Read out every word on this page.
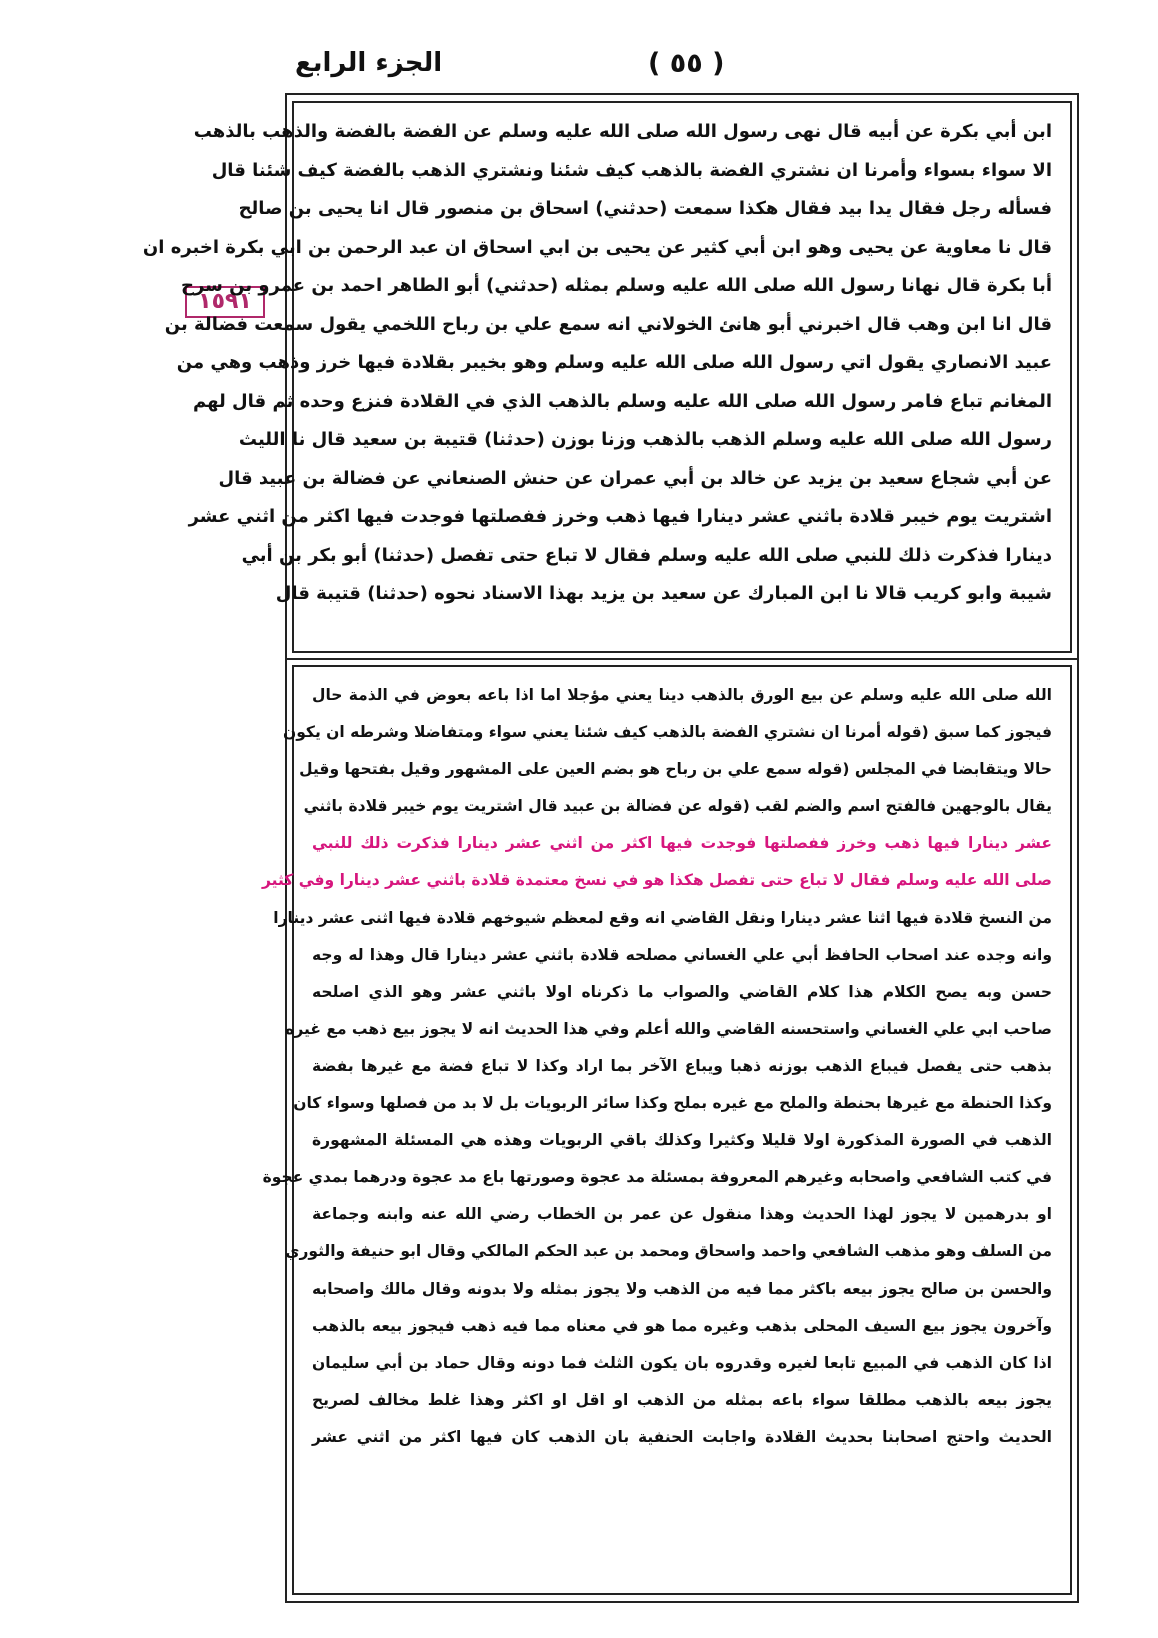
الجزء الرابع	( ٥٥ )
١٥٩١
ابن أبي بكرة عن أبيه قال نهى رسول الله صلى الله عليه وسلم عن الفضة بالفضة والذهب بالذهب
الا سواء بسواء وأمرنا ان نشتري الفضة بالذهب كيف شئنا ونشتري الذهب بالفضة كيف شئنا قال
فسأله رجل فقال يدا بيد فقال هكذا سمعت (حدثني) اسحاق بن منصور قال انا يحيى بن صالح
قال نا معاوية عن يحيى وهو ابن أبي كثير عن يحيى بن ابي اسحاق ان عبد الرحمن بن ابي بكرة اخبره ان
أبا بكرة قال نهانا رسول الله صلى الله عليه وسلم بمثله (حدثني) أبو الطاهر احمد بن عمرو بن سرح
قال انا ابن وهب قال اخبرني أبو هانئ الخولاني انه سمع علي بن رباح اللخمي يقول سمعت فضالة بن
عبيد الانصاري يقول اتي رسول الله صلى الله عليه وسلم وهو بخيبر بقلادة فيها خرز وذهب وهي من
المغانم تباع فامر رسول الله صلى الله عليه وسلم بالذهب الذي في القلادة فنزع وحده ثم قال لهم
رسول الله صلى الله عليه وسلم الذهب بالذهب وزنا بوزن (حدثنا) قتيبة بن سعيد قال نا الليث
عن أبي شجاع سعيد بن يزيد عن خالد بن أبي عمران عن حنش الصنعاني عن فضالة بن عبيد قال
اشتريت يوم خيبر قلادة باثني عشر دينارا فيها ذهب وخرز ففصلتها فوجدت فيها اكثر من اثني عشر
دينارا فذكرت ذلك للنبي صلى الله عليه وسلم فقال لا تباع حتى تفصل (حدثنا) أبو بكر بن أبي
شيبة وابو كريب قالا نا ابن المبارك عن سعيد بن يزيد بهذا الاسناد نحوه (حدثنا) قتيبة قال
الله صلى الله عليه وسلم عن بيع الورق بالذهب دينا يعني مؤجلا اما اذا باعه بعوض في الذمة حال
فيجوز كما سبق (قوله أمرنا ان نشتري الفضة بالذهب كيف شئنا يعني سواء ومتفاضلا وشرطه ان يكون
حالا ويتقابضا في المجلس (قوله سمع علي بن رباح هو بضم العين على المشهور وقيل بفتحها وقيل
يقال بالوجهين فالفتح اسم والضم لقب (قوله عن فضالة بن عبيد قال اشتريت يوم خيبر قلادة باثني
عشر دينارا فيها ذهب وخرز ففصلتها فوجدت فيها اكثر من اثني عشر دينارا فذكرت ذلك للنبي
صلى الله عليه وسلم فقال لا تباع حتى تفصل هكذا هو في نسخ معتمدة قلادة باثني عشر دينارا وفي كثير
من النسخ قلادة فيها اثنا عشر دينارا ونقل القاضي انه وقع لمعظم شيوخهم قلادة فيها اثنى عشر دينارا
وانه وجده عند اصحاب الحافظ أبي علي الغساني مصلحه قلادة باثني عشر دينارا قال وهذا له وجه
حسن وبه يصح الكلام هذا كلام القاضي والصواب ما ذكرناه اولا باثني عشر وهو الذي اصلحه
صاحب ابي علي الغساني واستحسنه القاضي والله أعلم وفي هذا الحديث انه لا يجوز بيع ذهب مع غيره
بذهب حتى يفصل فيباع الذهب بوزنه ذهبا ويباع الآخر بما اراد وكذا لا تباع فضة مع غيرها بفضة
وكذا الحنطة مع غيرها بحنطة والملح مع غيره بملح وكذا سائر الربويات بل لا بد من فصلها وسواء كان
الذهب في الصورة المذكورة اولا قليلا وكثيرا وكذلك باقي الربويات وهذه هي المسئلة المشهورة
في كتب الشافعي واصحابه وغيرهم المعروفة بمسئلة مد عجوة وصورتها باع مد عجوة ودرهما بمدي عجوة
او بدرهمين لا يجوز لهذا الحديث وهذا منقول عن عمر بن الخطاب رضي الله عنه وابنه وجماعة
من السلف وهو مذهب الشافعي واحمد واسحاق ومحمد بن عبد الحكم المالكي وقال ابو حنيفة والثوري
والحسن بن صالح يجوز بيعه باكثر مما فيه من الذهب ولا يجوز بمثله ولا بدونه وقال مالك واصحابه
وآخرون يجوز بيع السيف المحلى بذهب وغيره مما هو في معناه مما فيه ذهب فيجوز بيعه بالذهب
اذا كان الذهب في المبيع تابعا لغيره وقدروه بان يكون الثلث فما دونه وقال حماد بن أبي سليمان
يجوز بيعه بالذهب مطلقا سواء باعه بمثله من الذهب او اقل او اكثر وهذا غلط مخالف لصريح
الحديث واحتج اصحابنا بحديث القلادة واجابت الحنفية بان الذهب كان فيها اكثر من اثني عشر
